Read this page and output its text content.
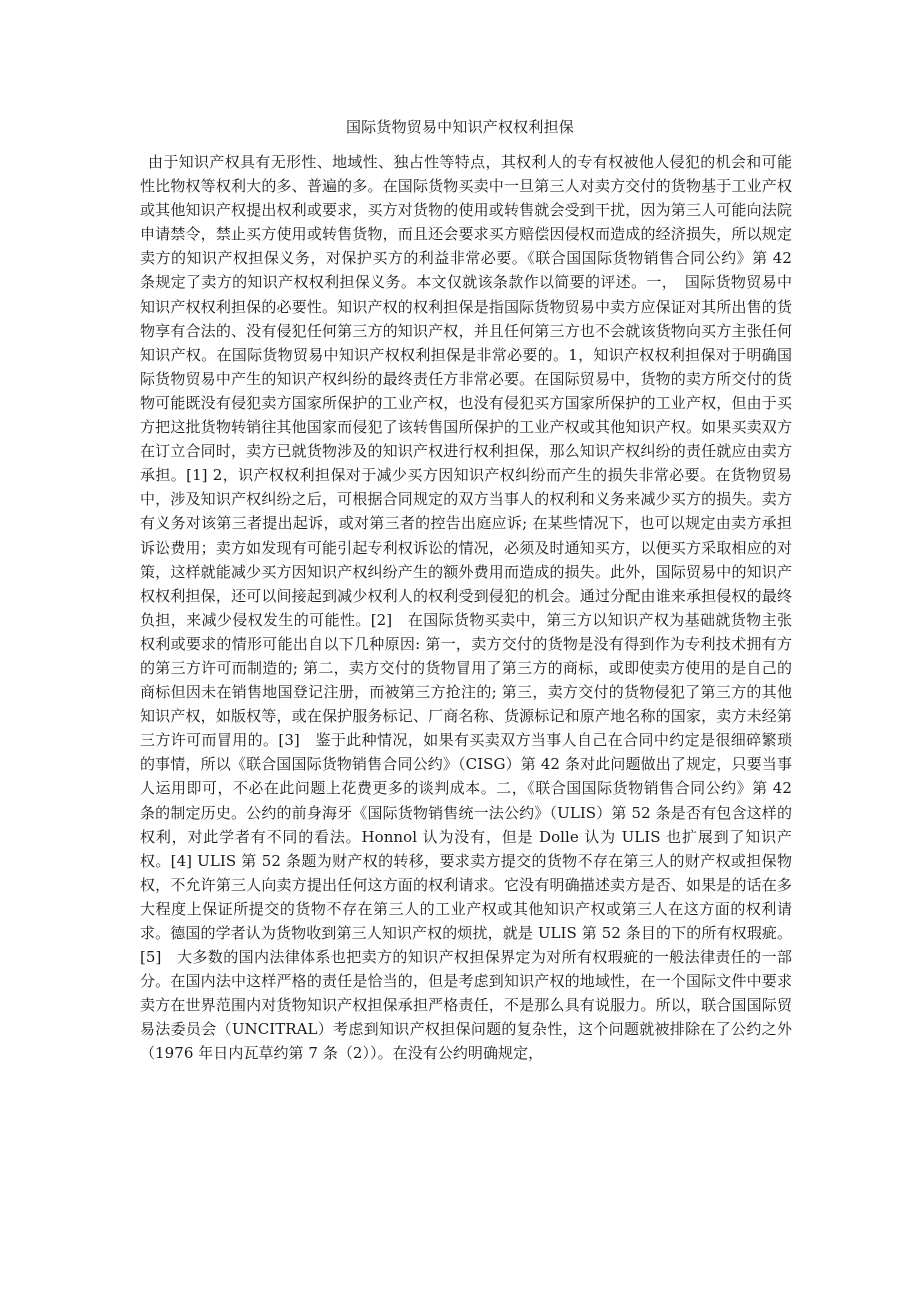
国际货物贸易中知识产权权利担保

由于知识产权具有无形性、地域性、独占性等特点，其权利人的专有权被他人侵犯的机会和可能性比物权等权利大的多、普遍的多。在国际货物买卖中一旦第三人对卖方交付的货物基于工业产权或其他知识产权提出权利或要求，买方对货物的使用或转售就会受到干扰，因为第三人可能向法院申请禁令，禁止买方使用或转售货物，而且还会要求买方赔偿因侵权而造成的经济损失，所以规定卖方的知识产权担保义务，对保护买方的利益非常必要。《联合国国际货物销售合同公约》第 42 条规定了卖方的知识产权权利担保义务。本文仅就该条款作以简要的评述。一，　国际货物贸易中知识产权权利担保的必要性。知识产权的权利担保是指国际货物贸易中卖方应保证对其所出售的货物享有合法的、没有侵犯任何第三方的知识产权，并且任何第三方也不会就该货物向买方主张任何知识产权。在国际货物贸易中知识产权权利担保是非常必要的。1，知识产权权利担保对于明确国际货物贸易中产生的知识产权纠纷的最终责任方非常必要。在国际贸易中，货物的卖方所交付的货物可能既没有侵犯卖方国家所保护的工业产权，也没有侵犯买方国家所保护的工业产权，但由于买方把这批货物转销往其他国家而侵犯了该转售国所保护的工业产权或其他知识产权。如果买卖双方在订立合同时，卖方已就货物涉及的知识产权进行权利担保，那么知识产权纠纷的责任就应由卖方承担。[1] 2，识产权权利担保对于减少买方因知识产权纠纷而产生的损失非常必要。在货物贸易中，涉及知识产权纠纷之后，可根据合同规定的双方当事人的权利和义务来减少买方的损失。卖方有义务对该第三者提出起诉，或对第三者的控告出庭应诉; 在某些情况下，也可以规定由卖方承担诉讼费用；卖方如发现有可能引起专利权诉讼的情况，必须及时通知买方，以便买方采取相应的对策，这样就能减少买方因知识产权纠纷产生的额外费用而造成的损失。此外，国际贸易中的知识产权权利担保，还可以间接起到减少权利人的权利受到侵犯的机会。通过分配由谁来承担侵权的最终负担，来减少侵权发生的可能性。[2]　在国际货物买卖中，第三方以知识产权为基础就货物主张权利或要求的情形可能出自以下几种原因: 第一，卖方交付的货物是没有得到作为专利技术拥有方的第三方许可而制造的; 第二，卖方交付的货物冒用了第三方的商标，或即使卖方使用的是自己的商标但因未在销售地国登记注册，而被第三方抢注的; 第三，卖方交付的货物侵犯了第三方的其他知识产权，如版权等，或在保护服务标记、厂商名称、货源标记和原产地名称的国家，卖方未经第三方许可而冒用的。[3]　鉴于此种情况，如果有买卖双方当事人自己在合同中约定是很细碎繁琐的事情，所以《联合国国际货物销售合同公约》（CISG）第 42 条对此问题做出了规定，只要当事人运用即可，不必在此问题上花费更多的谈判成本。二，《联合国国际货物销售合同公约》第 42 条的制定历史。公约的前身海牙《国际货物销售统一法公约》（ULIS）第 52 条是否有包含这样的权利，对此学者有不同的看法。Honnol 认为没有，但是 Dolle 认为 ULIS 也扩展到了知识产权。[4] ULIS 第 52 条题为财产权的转移，要求卖方提交的货物不存在第三人的财产权或担保物权，不允许第三人向卖方提出任何这方面的权利请求。它没有明确描述卖方是否、如果是的话在多大程度上保证所提交的货物不存在第三人的工业产权或其他知识产权或第三人在这方面的权利请求。德国的学者认为货物收到第三人知识产权的烦扰，就是 ULIS 第 52 条目的下的所有权瑕疵。[5]　大多数的国内法律体系也把卖方的知识产权担保界定为对所有权瑕疵的一般法律责任的一部分。在国内法中这样严格的责任是恰当的，但是考虑到知识产权的地域性，在一个国际文件中要求卖方在世界范围内对货物知识产权担保承担严格责任，不是那么具有说服力。所以，联合国国际贸易法委员会（UNCITRAL）考虑到知识产权担保问题的复杂性，这个问题就被排除在了公约之外（1976 年日内瓦草约第 7 条（2））。在没有公约明确规定，
